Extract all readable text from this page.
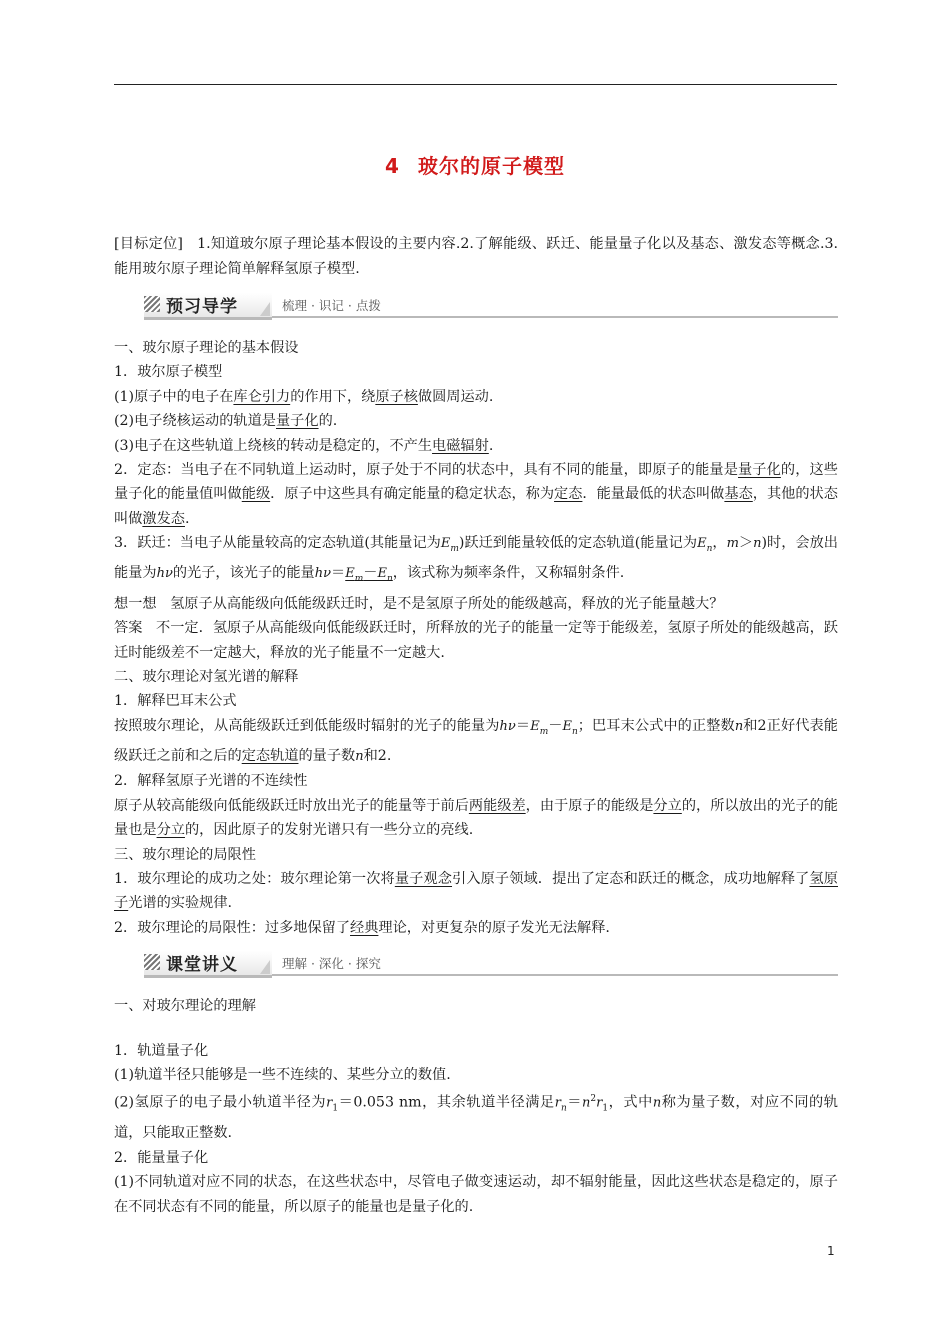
4 玻尔的原子模型

[目标定位] 1.知道玻尔原子理论基本假设的主要内容.2.了解能级、跃迁、能量量子化以及基态、激发态等概念.3.能用玻尔原子理论简单解释氢原子模型.

预习导学	梳理 · 识记 · 点拨

一、玻尔原子理论的基本假设

1．玻尔原子模型

(1)原子中的电子在库仑引力的作用下，绕原子核做圆周运动.

(2)电子绕核运动的轨道是量子化的.

(3)电子在这些轨道上绕核的转动是稳定的，不产生电磁辐射.

2．定态：当电子在不同轨道上运动时，原子处于不同的状态中，具有不同的能量，即原子的能量是量子化的，这些量子化的能量值叫做能级．原子中这些具有确定能量的稳定状态，称为定态．能量最低的状态叫做基态，其他的状态叫做激发态.

3．跃迁：当电子从能量较高的定态轨道(其能量记为$E_m$)跃迁到能量较低的定态轨道(能量记为$E_n$，m＞n)时，会放出能量为hν的光子，该光子的能量$h\nu=E_m-E_n$，该式称为频率条件，又称辐射条件.

想一想 氢原子从高能级向低能级跃迁时，是不是氢原子所处的能级越高，释放的光子能量越大？

答案 不一定．氢原子从高能级向低能级跃迁时，所释放的光子的能量一定等于能级差，氢原子所处的能级越高，跃迁时能级差不一定越大，释放的光子能量不一定越大.

二、玻尔理论对氢光谱的解释

1．解释巴耳末公式

按照玻尔理论，从高能级跃迁到低能级时辐射的光子的能量为$h\nu=E_m-E_n$；巴耳末公式中的正整数n和2正好代表能级跃迁之前和之后的定态轨道的量子数n和2.

2．解释氢原子光谱的不连续性

原子从较高能级向低能级跃迁时放出光子的能量等于前后两能级差，由于原子的能级是分立的，所以放出的光子的能量也是分立的，因此原子的发射光谱只有一些分立的亮线.

三、玻尔理论的局限性

1．玻尔理论的成功之处：玻尔理论第一次将量子观念引入原子领域．提出了定态和跃迁的概念，成功地解释了氢原子光谱的实验规律.

2．玻尔理论的局限性：过多地保留了经典理论，对更复杂的原子发光无法解释.

课堂讲义	理解 · 深化 · 探究

一、对玻尔理论的理解

1．轨道量子化

(1)轨道半径只能够是一些不连续的、某些分立的数值.

(2)氢原子的电子最小轨道半径为$r_1=0.053$ nm，其余轨道半径满足$r_n=n^2r_1$，式中n称为量子数，对应不同的轨道，只能取正整数.

2．能量量子化

(1)不同轨道对应不同的状态，在这些状态中，尽管电子做变速运动，却不辐射能量，因此这些状态是稳定的，原子在不同状态有不同的能量，所以原子的能量也是量子化的.

1
